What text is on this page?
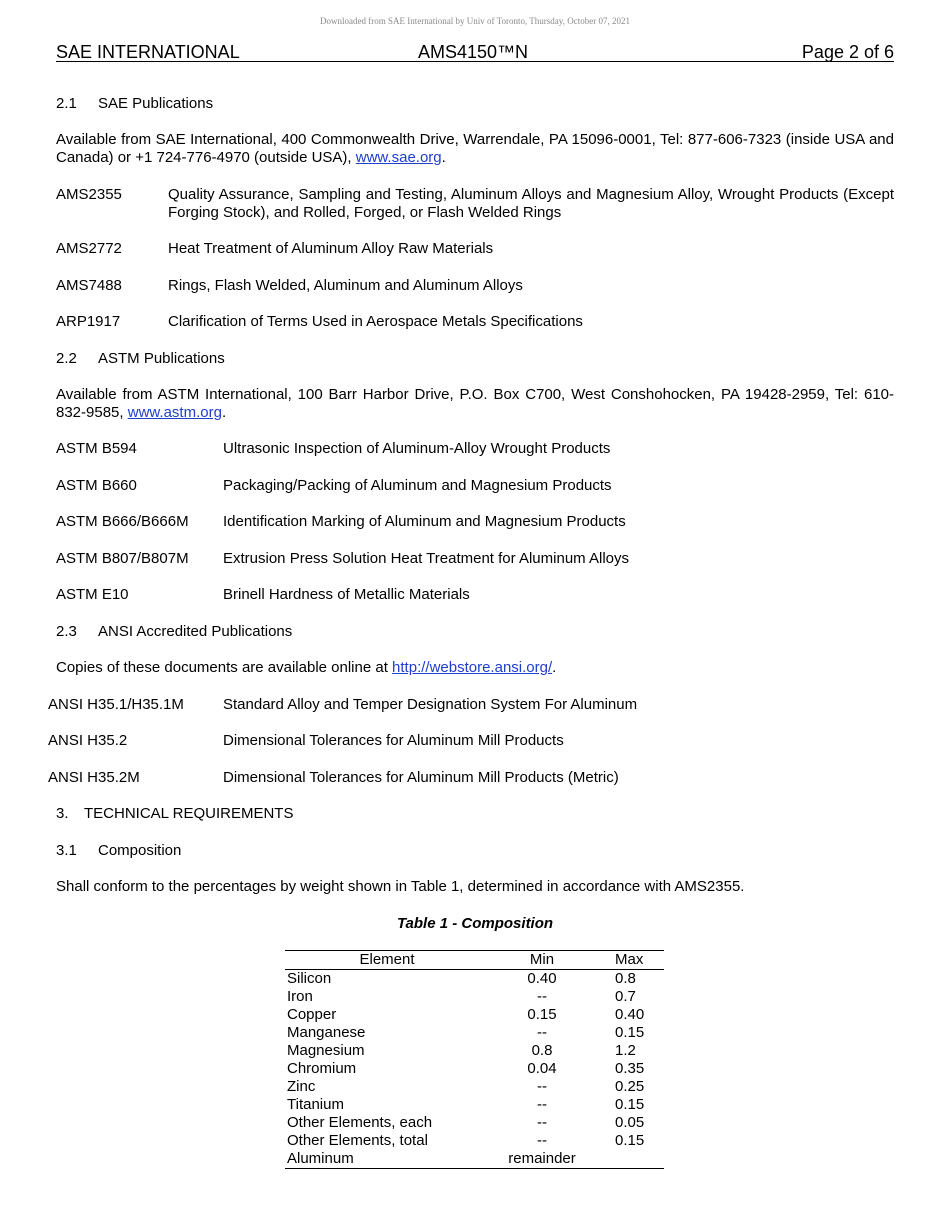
Downloaded from SAE International by Univ of Toronto, Thursday, October 07, 2021
SAE INTERNATIONAL	AMS4150™N	Page 2 of 6
2.1 SAE Publications
Available from SAE International, 400 Commonwealth Drive, Warrendale, PA 15096-0001, Tel: 877-606-7323 (inside USA and Canada) or +1 724-776-4970 (outside USA), www.sae.org.
AMS2355	Quality Assurance, Sampling and Testing, Aluminum Alloys and Magnesium Alloy, Wrought Products (Except Forging Stock), and Rolled, Forged, or Flash Welded Rings
AMS2772	Heat Treatment of Aluminum Alloy Raw Materials
AMS7488	Rings, Flash Welded, Aluminum and Aluminum Alloys
ARP1917	Clarification of Terms Used in Aerospace Metals Specifications
2.2 ASTM Publications
Available from ASTM International, 100 Barr Harbor Drive, P.O. Box C700, West Conshohocken, PA 19428-2959, Tel: 610-832-9585, www.astm.org.
ASTM B594	Ultrasonic Inspection of Aluminum-Alloy Wrought Products
ASTM B660	Packaging/Packing of Aluminum and Magnesium Products
ASTM B666/B666M Identification Marking of Aluminum and Magnesium Products
ASTM B807/B807M Extrusion Press Solution Heat Treatment for Aluminum Alloys
ASTM E10	Brinell Hardness of Metallic Materials
2.3 ANSI Accredited Publications
Copies of these documents are available online at http://webstore.ansi.org/.
ANSI H35.1/H35.1M	Standard Alloy and Temper Designation System For Aluminum
ANSI H35.2	Dimensional Tolerances for Aluminum Mill Products
ANSI H35.2M	Dimensional Tolerances for Aluminum Mill Products (Metric)
3. TECHNICAL REQUIREMENTS
3.1 Composition
Shall conform to the percentages by weight shown in Table 1, determined in accordance with AMS2355.
Table 1 - Composition
Element	Min	Max
Silicon	0.40	0.8
Iron	--	0.7
Copper	0.15	0.40
Manganese	--	0.15
Magnesium	0.8	1.2
Chromium	0.04	0.35
Zinc	--	0.25
Titanium	--	0.15
Other Elements, each	--	0.05
Other Elements, total	--	0.15
Aluminum	remainder	
